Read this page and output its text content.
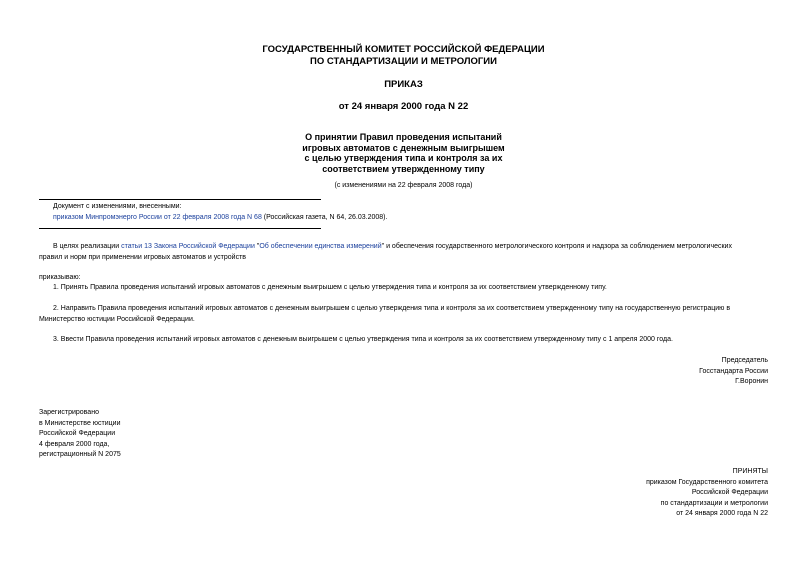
ГОСУДАРСТВЕННЫЙ КОМИТЕТ РОССИЙСКОЙ ФЕДЕРАЦИИ
ПО СТАНДАРТИЗАЦИИ И МЕТРОЛОГИИ
ПРИКАЗ
от 24 января 2000 года N 22
О принятии Правил проведения испытаний
игровых автоматов с денежным выигрышем
с целью утверждения типа и контроля за их
соответствием утвержденному типу
(с изменениями на 22 февраля 2008 года)
Документ с изменениями, внесенными:
приказом Минпромэнерго России от 22 февраля 2008 года N 68 (Российская газета, N 64, 26.03.2008).

В целях реализации статьи 13 Закона Российской Федерации "Об обеспечении единства измерений" и обеспечения государственного метрологического контроля и надзора за соблюдением метрологических

правил и норм при применении игровых автоматов и устройств

приказываю:
1. Принять Правила проведения испытаний игровых автоматов с денежным выигрышем с целью утверждения типа и контроля за их соответствием утвержденному типу.

2. Направить Правила проведения испытаний игровых автоматов с денежным выигрышем с целью утверждения типа и контроля за их соответствием утвержденному типу на государственную регистрацию в

Министерство юстиции Российской Федерации.

3. Ввести Правила проведения испытаний игровых автоматов с денежным выигрышем с целью утверждения типа и контроля за их соответствием утвержденному типу с 1 апреля 2000 года.
Председатель
Госстандарта России
Г.Воронин
Зарегистрировано
в Министерстве юстиции
Российской Федерации
4 февраля 2000 года,
регистрационный N 2075
ПРИНЯТЫ
приказом Государственного комитета
Российской Федерации
по стандартизации и метрологии
от 24 января 2000 года N 22
